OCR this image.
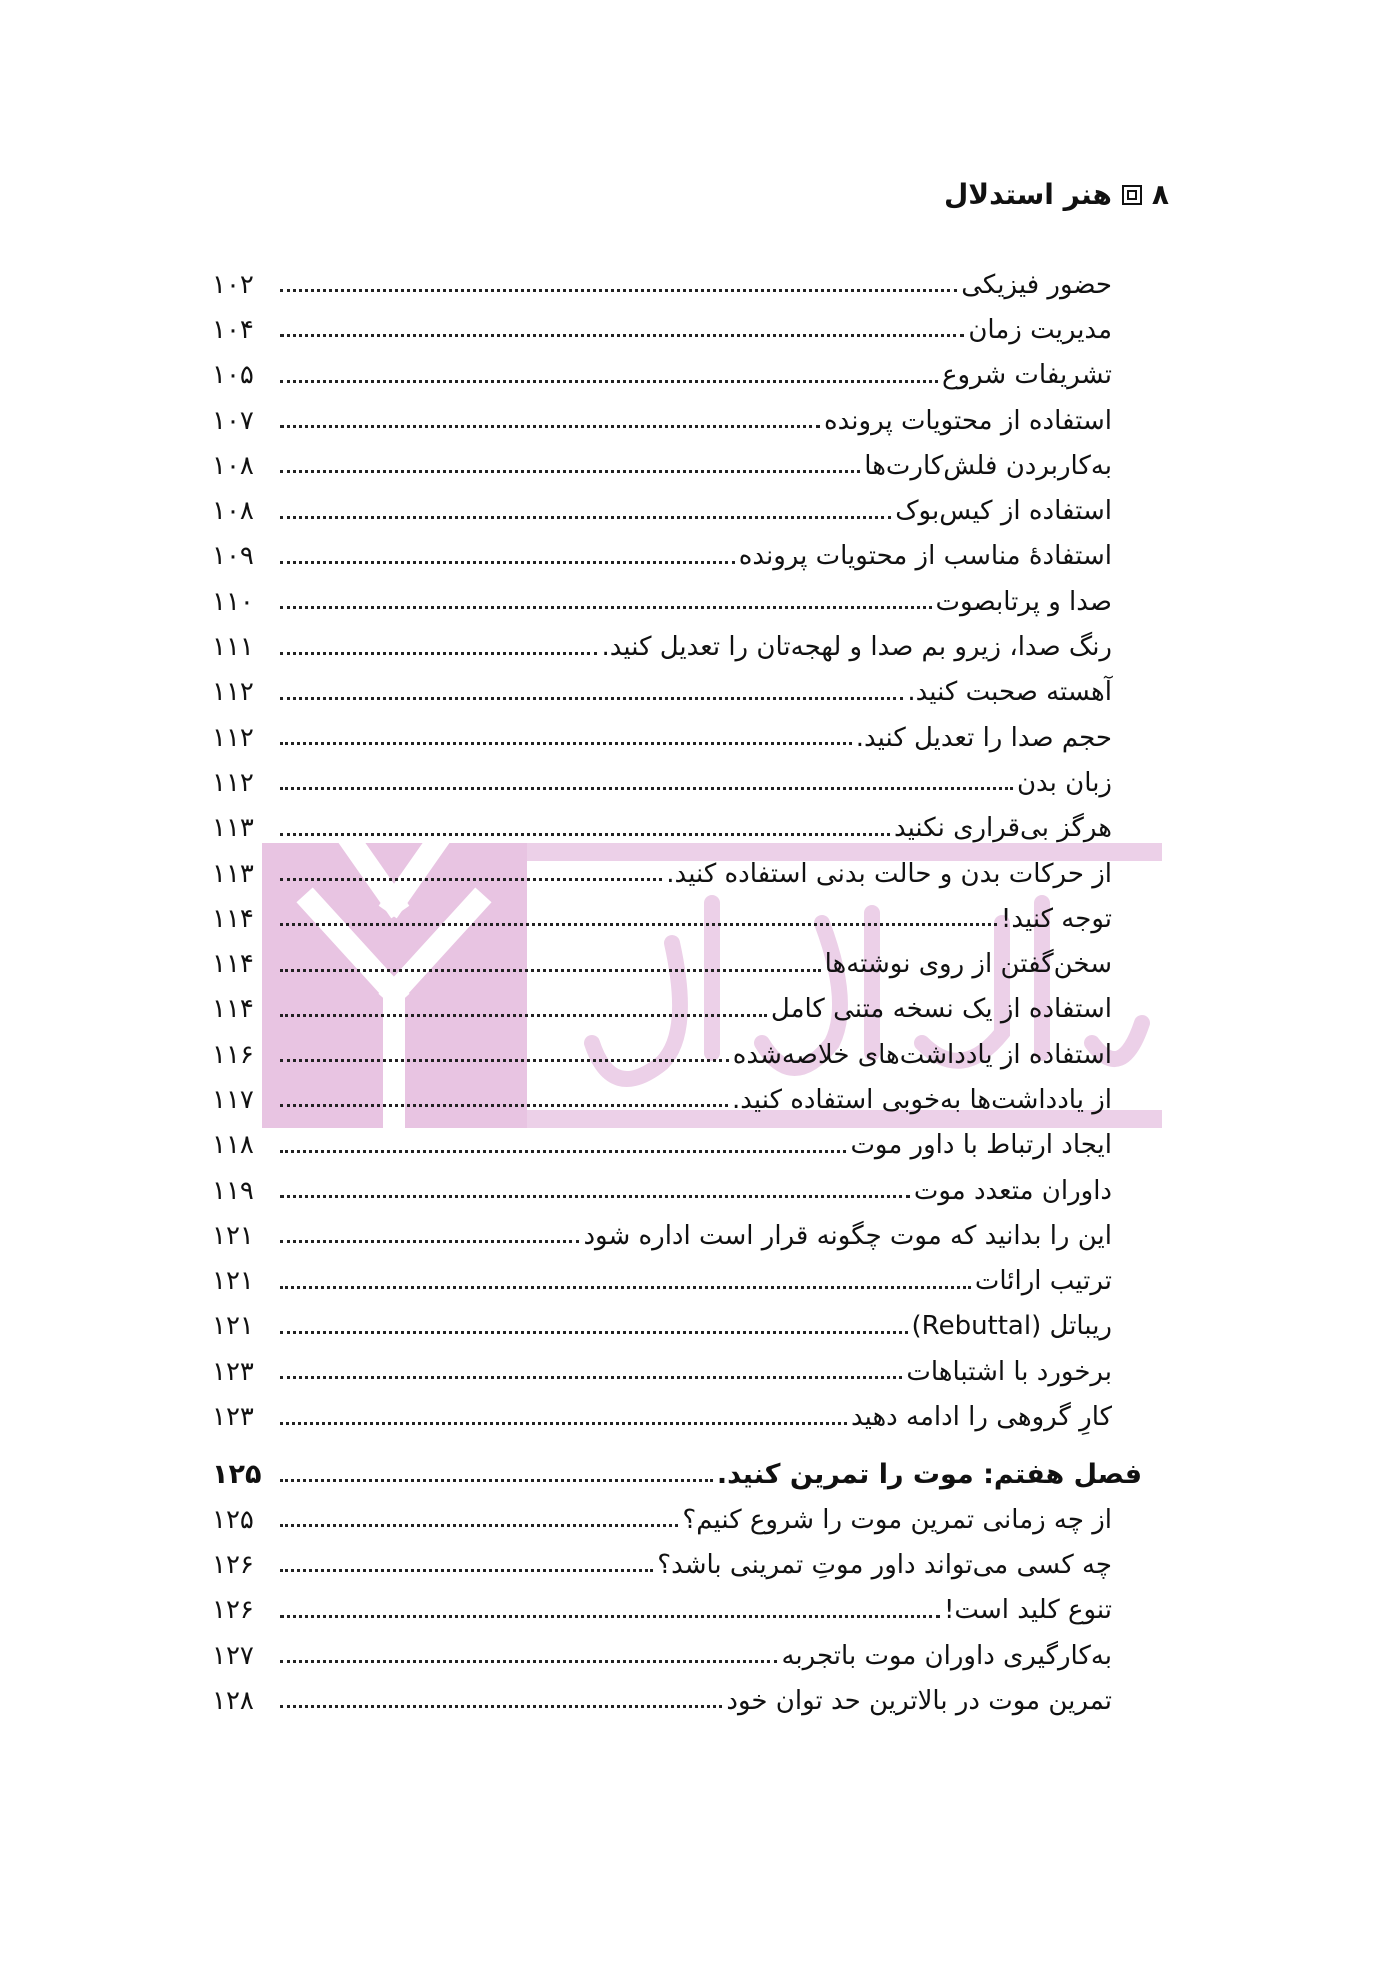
۸
هنر استدلال
حضور فیزیکی
۱۰۲
مدیریت زمان
۱۰۴
تشریفات شروع
۱۰۵
استفاده از محتویات پرونده
۱۰۷
به‌کاربردن فلش‌کارت‌ها
۱۰۸
استفاده از کیس‌بوک
۱۰۸
استفادهٔ مناسب از محتویات پرونده
۱۰۹
صدا و پرتابصوت
۱۱۰
رنگ صدا، زیرو بم صدا و لهجه‌تان را تعدیل کنید.
۱۱۱
آهسته صحبت کنید.
۱۱۲
حجم صدا را تعدیل کنید.
۱۱۲
زبان بدن
۱۱۲
هرگز بی‌قراری نکنید
۱۱۳
از حرکات بدن و حالت بدنی استفاده کنید.
۱۱۳
توجه کنید!
۱۱۴
سخن‌گفتن از روی نوشته‌ها
۱۱۴
استفاده از یک نسخه متنی کامل
۱۱۴
استفاده از یادداشت‌های خلاصه‌شده
۱۱۶
از یادداشت‌ها به‌خوبی استفاده کنید.
۱۱۷
ایجاد ارتباط با داور موت
۱۱۸
داوران متعدد موت
۱۱۹
این را بدانید که موت چگونه قرار است اداره شود
۱۲۱
ترتیب ارائات
۱۲۱
ریباتل (Rebuttal)
۱۲۱
برخورد با اشتباهات
۱۲۳
کارِ گروهی را ادامه دهید
۱۲۳
فصل هفتم: موت را تمرین کنید.
۱۲۵
از چه زمانی تمرین موت را شروع کنیم؟
۱۲۵
چه کسی می‌تواند داور موتِ تمرینی باشد؟
۱۲۶
تنوع کلید است!
۱۲۶
به‌کارگیری داوران موت باتجربه
۱۲۷
تمرین موت در بالاترین حد توان خود
۱۲۸
